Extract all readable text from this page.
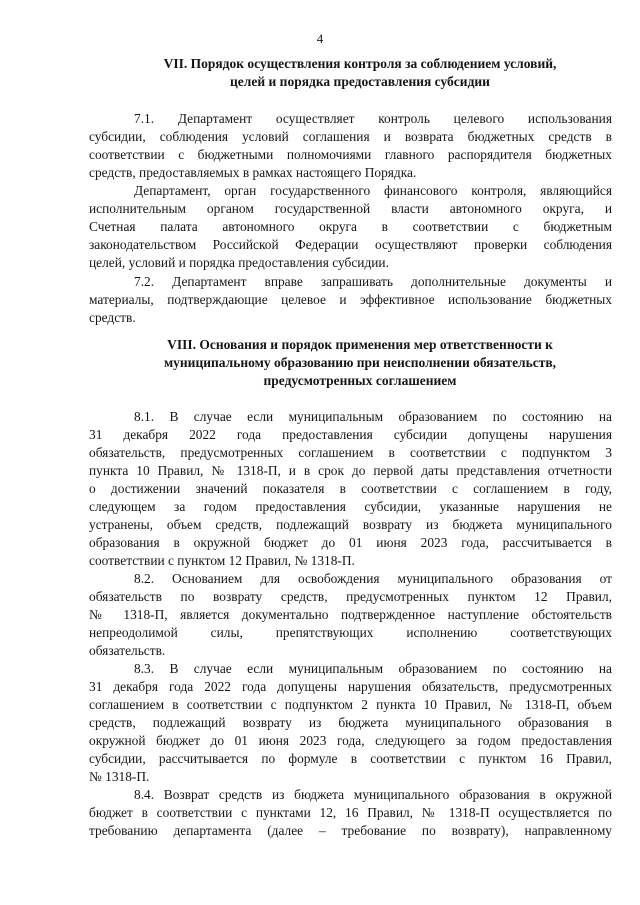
4
VII. Порядок осуществления контроля за соблюдением условий,
целей и порядка предоставления субсидии
7.1. Департамент осуществляет контроль целевого использования
субсидии, соблюдения условий соглашения и возврата бюджетных средств в
соответствии с бюджетными полномочиями главного распорядителя бюджетных
средств, предоставляемых в рамках настоящего Порядка.
Департамент, орган государственного финансового контроля, являющийся
исполнительным органом государственной власти автономного округа, и
Счетная палата автономного округа в соответствии с бюджетным
законодательством Российской Федерации осуществляют проверки соблюдения
целей, условий и порядка предоставления субсидии.
7.2. Департамент вправе запрашивать дополнительные документы и
материалы, подтверждающие целевое и эффективное использование бюджетных
средств.
VIII. Основания и порядок применения мер ответственности к
муниципальному образованию при неисполнении обязательств,
предусмотренных соглашением
8.1. В случае если муниципальным образованием по состоянию на
31 декабря 2022 года предоставления субсидии допущены нарушения
обязательств, предусмотренных соглашением в соответствии с подпунктом 3
пункта 10 Правил, № 1318-П, и в срок до первой даты представления отчетности
о достижении значений показателя в соответствии с соглашением в году,
следующем за годом предоставления субсидии, указанные нарушения не
устранены, объем средств, подлежащий возврату из бюджета муниципального
образования в окружной бюджет до 01 июня 2023 года, рассчитывается в
соответствии с пунктом 12 Правил, № 1318-П.
8.2. Основанием для освобождения муниципального образования от
обязательств по возврату средств, предусмотренных пунктом 12 Правил,
№ 1318-П, является документально подтвержденное наступление обстоятельств
непреодолимой силы, препятствующих исполнению соответствующих
обязательств.
8.3. В случае если муниципальным образованием по состоянию на
31 декабря года 2022 года допущены нарушения обязательств, предусмотренных
соглашением в соответствии с подпунктом 2 пункта 10 Правил, № 1318-П, объем
средств, подлежащий возврату из бюджета муниципального образования в
окружной бюджет до 01 июня 2023 года, следующего за годом предоставления
субсидии, рассчитывается по формуле в соответствии с пунктом 16 Правил,
№ 1318-П.
8.4. Возврат средств из бюджета муниципального образования в окружной
бюджет в соответствии с пунктами 12, 16 Правил, № 1318-П осуществляется по
требованию департамента (далее – требование по возврату), направленному
